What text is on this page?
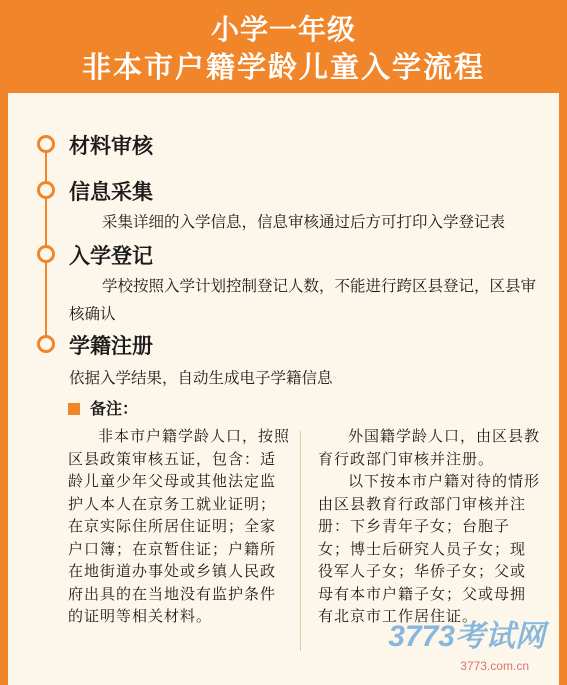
小学一年级
非本市户籍学龄儿童入学流程
材料审核
信息采集
采集详细的入学信息，信息审核通过后方可打印入学登记表
入学登记
学校按照入学计划控制登记人数，不能进行跨区县登记，区县审核确认
学籍注册
依据入学结果，自动生成电子学籍信息
备注：
非本市户籍学龄人口，按照区县政策审核五证，包含：适龄儿童少年父母或其他法定监护人本人在京务工就业证明；在京实际住所居住证明；全家户口簿；在京暂住证；户籍所在地街道办事处或乡镇人民政府出具的在当地没有监护条件的证明等相关材料。
外国籍学龄人口，由区县教育行政部门审核并注册。
以下按本市户籍对待的情形由区县教育行政部门审核并注册：下乡青年子女；台胞子女；博士后研究人员子女；现役军人子女；华侨子女；父或母有本市户籍子女；父或母拥有北京市工作居住证。
3773考试网
3773.com.cn
